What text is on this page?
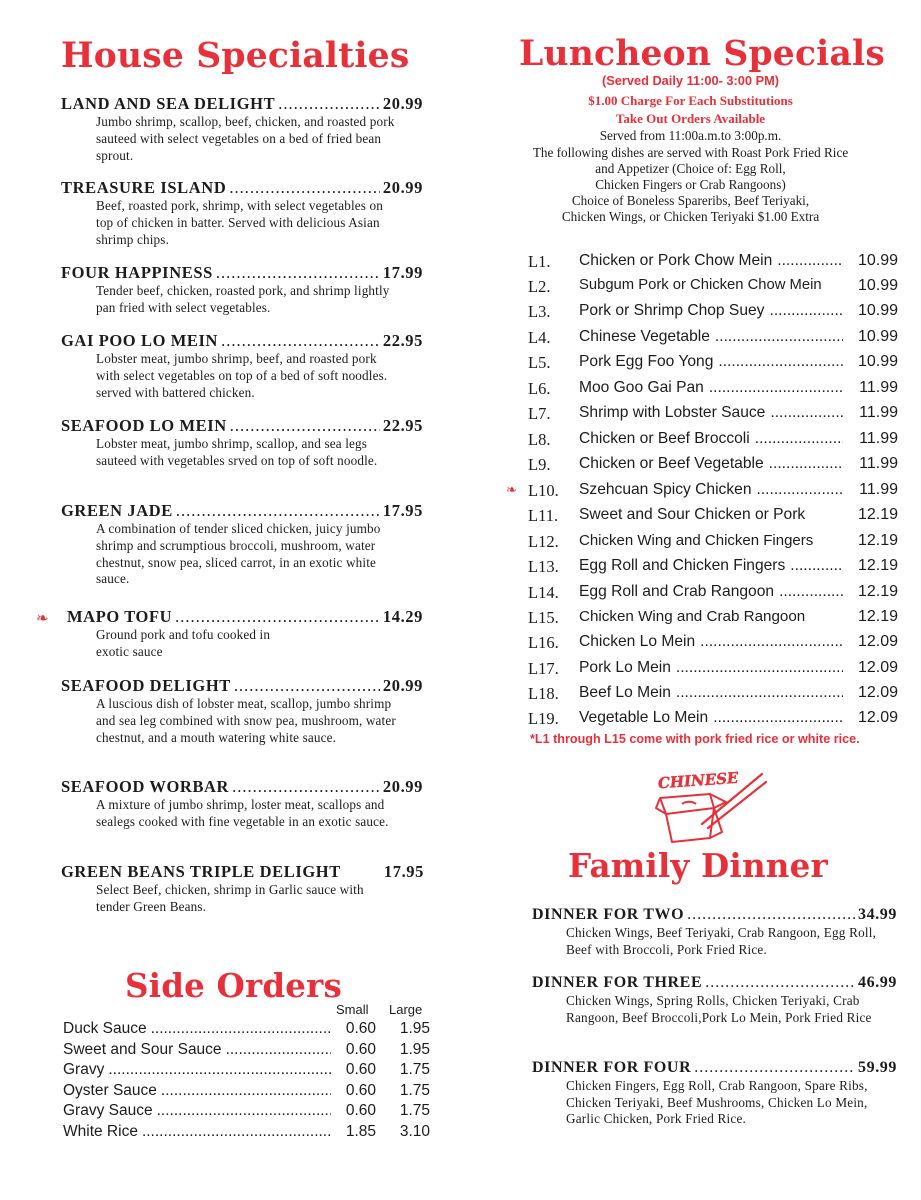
House Specialties
LAND AND SEA DELIGHT .....	20.99
Jumbo shrimp, scallop, beef, chicken, and roasted pork sauteed with select vegetables on a bed of fried bean sprout.
TREASURE ISLAND .....	20.99
Beef, roasted pork, shrimp, with select vegetables on top of chicken in batter. Served with delicious Asian shrimp chips.
FOUR HAPPINESS .....	17.99
Tender beef, chicken, roasted pork, and shrimp lightly pan fried with select vegetables.
GAI POO LO MEIN .....	22.95
Lobster meat, jumbo shrimp, beef, and roasted pork with select vegetables on top of a bed of soft noodles. served with battered chicken.
SEAFOOD LO MEIN .....	22.95
Lobster meat, jumbo shrimp, scallop, and sea legs sauteed with vegetables srved on top of soft noodle.
GREEN JADE .....	17.95
A combination of tender sliced chicken, juicy jumbo shrimp and scrumptious broccoli, mushroom, water chestnut, snow pea, sliced carrot, in an exotic white sauce.
❧ MAPO TOFU .....	14.29
Ground pork and tofu cooked in exotic sauce
SEAFOOD DELIGHT .....	20.99
A luscious dish of lobster meat, scallop, jumbo shrimp and sea leg combined with snow pea, mushroom, water chestnut, and a mouth watering white sauce.
SEAFOOD WORBAR .....	20.99
A mixture of jumbo shrimp, loster meat, scallops and sealegs cooked with fine vegetable in an exotic sauce.
GREEN BEANS TRIPLE DELIGHT	17.95
Select Beef, chicken, shrimp in Garlic sauce with tender Green Beans.
Side Orders
Small Large
Duck Sauce .....	0.60	1.95
Sweet and Sour Sauce .....	0.60	1.95
Gravy .....	0.60	1.75
Oyster Sauce .....	0.60	1.75
Gravy Sauce .....	0.60	1.75
White Rice .....	1.85	3.10
Luncheon Specials
(Served Daily 11:00- 3:00 PM)
$1.00 Charge For Each Substitutions
Take Out Orders Available
Served from 11:00a.m.to 3:00p.m.
The following dishes are served with Roast Pork Fried Rice
and Appetizer (Choice of: Egg Roll,
Chicken Fingers or Crab Rangoons)
Choice of Boneless Spareribs, Beef Teriyaki,
Chicken Wings, or Chicken Teriyaki $1.00 Extra
L1. Chicken or Pork Chow Mein .....	10.99
L2. Subgum Pork or Chicken Chow Mein	10.99
L3. Pork or Shrimp Chop Suey .....	10.99
L4. Chinese Vegetable .....	10.99
L5. Pork Egg Foo Yong .....	10.99
L6. Moo Goo Gai Pan .....	11.99
L7. Shrimp with Lobster Sauce .....	11.99
L8. Chicken or Beef Broccoli .....	11.99
L9. Chicken or Beef Vegetable .....	11.99
❧ L10. Szehcuan Spicy Chicken .....	11.99
L11. Sweet and Sour Chicken or Pork	12.19
L12. Chicken Wing and Chicken Fingers	12.19
L13. Egg Roll and Chicken Fingers .....	12.19
L14. Egg Roll and Crab Rangoon .....	12.19
L15. Chicken Wing and Crab Rangoon	12.19
L16. Chicken Lo Mein .....	12.09
L17. Pork Lo Mein .....	12.09
L18. Beef Lo Mein .....	12.09
L19. Vegetable Lo Mein .....	12.09
*L1 through L15 come with pork fried rice or white rice.
CHINESE
Family Dinner
DINNER FOR TWO .....	34.99
Chicken Wings, Beef Teriyaki, Crab Rangoon, Egg Roll, Beef with Broccoli, Pork Fried Rice.
DINNER FOR THREE .....	46.99
Chicken Wings, Spring Rolls, Chicken Teriyaki, Crab Rangoon, Beef Broccoli,Pork Lo Mein, Pork Fried Rice
DINNER FOR FOUR .....	59.99
Chicken Fingers, Egg Roll, Crab Rangoon, Spare Ribs, Chicken Teriyaki, Beef Mushrooms, Chicken Lo Mein, Garlic Chicken, Pork Fried Rice.
